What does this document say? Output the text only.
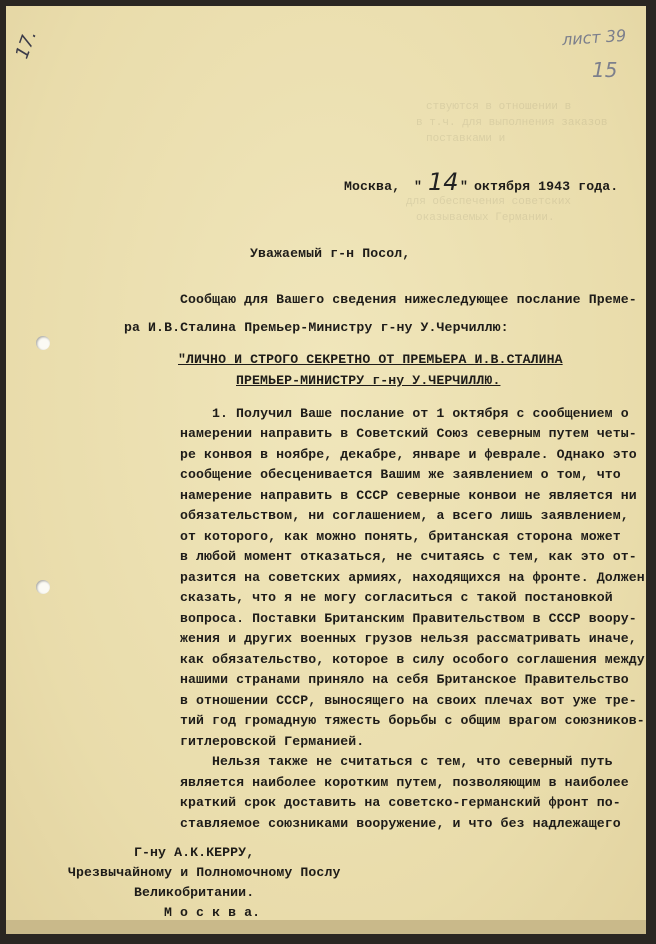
ствуются в отношении в
в т.ч. для выполнения заказов
поставками и
для обеспечения советских
оказываемых Германии.
17.	лист 39
15
Москва, " 14 " октября 1943 года.
Уважаемый г-н Посол,
Сообщаю для Вашего сведения нижеследующее послание Преме-
ра И.В.Сталина Премьер-Министру г-ну У.Черчиллю:
"ЛИЧНО И СТРОГО СЕКРЕТНО ОТ ПРЕМЬЕРА И.В.СТАЛИНА
ПРЕМЬЕР-МИНИСТРУ г-ну У.ЧЕРЧИЛЛЮ.
1. Получил Ваше послание от 1 октября с сообщением о
намерении направить в Советский Союз северным путем четы-
ре конвоя в ноябре, декабре, январе и феврале. Однако это
сообщение обесценивается Вашим же заявлением о том, что
намерение направить в СССР северные конвои не является ни
обязательством, ни соглашением, а всего лишь заявлением,
от которого, как можно понять, британская сторона может
в любой момент отказаться, не считаясь с тем, как это от-
разится на советских армиях, находящихся на фронте. Должен
сказать, что я не могу согласиться с такой постановкой
вопроса. Поставки Британским Правительством в СССР воору-
жения и других военных грузов нельзя рассматривать иначе,
как обязательство, которое в силу особого соглашения между
нашими странами приняло на себя Британское Правительство
в отношении СССР, выносящего на своих плечах вот уже тре-
тий год громадную тяжесть борьбы с общим врагом союзников-
гитлеровской Германией.
Нельзя также не считаться с тем, что северный путь
является наиболее коротким путем, позволяющим в наиболее
краткий срок доставить на советско-германский фронт по-
ставляемое союзниками вооружение, и что без надлежащего
Г-ну А.К.КЕРРУ,
Чрезвычайному и Полномочному Послу
Великобритании.
М о с к в а.
